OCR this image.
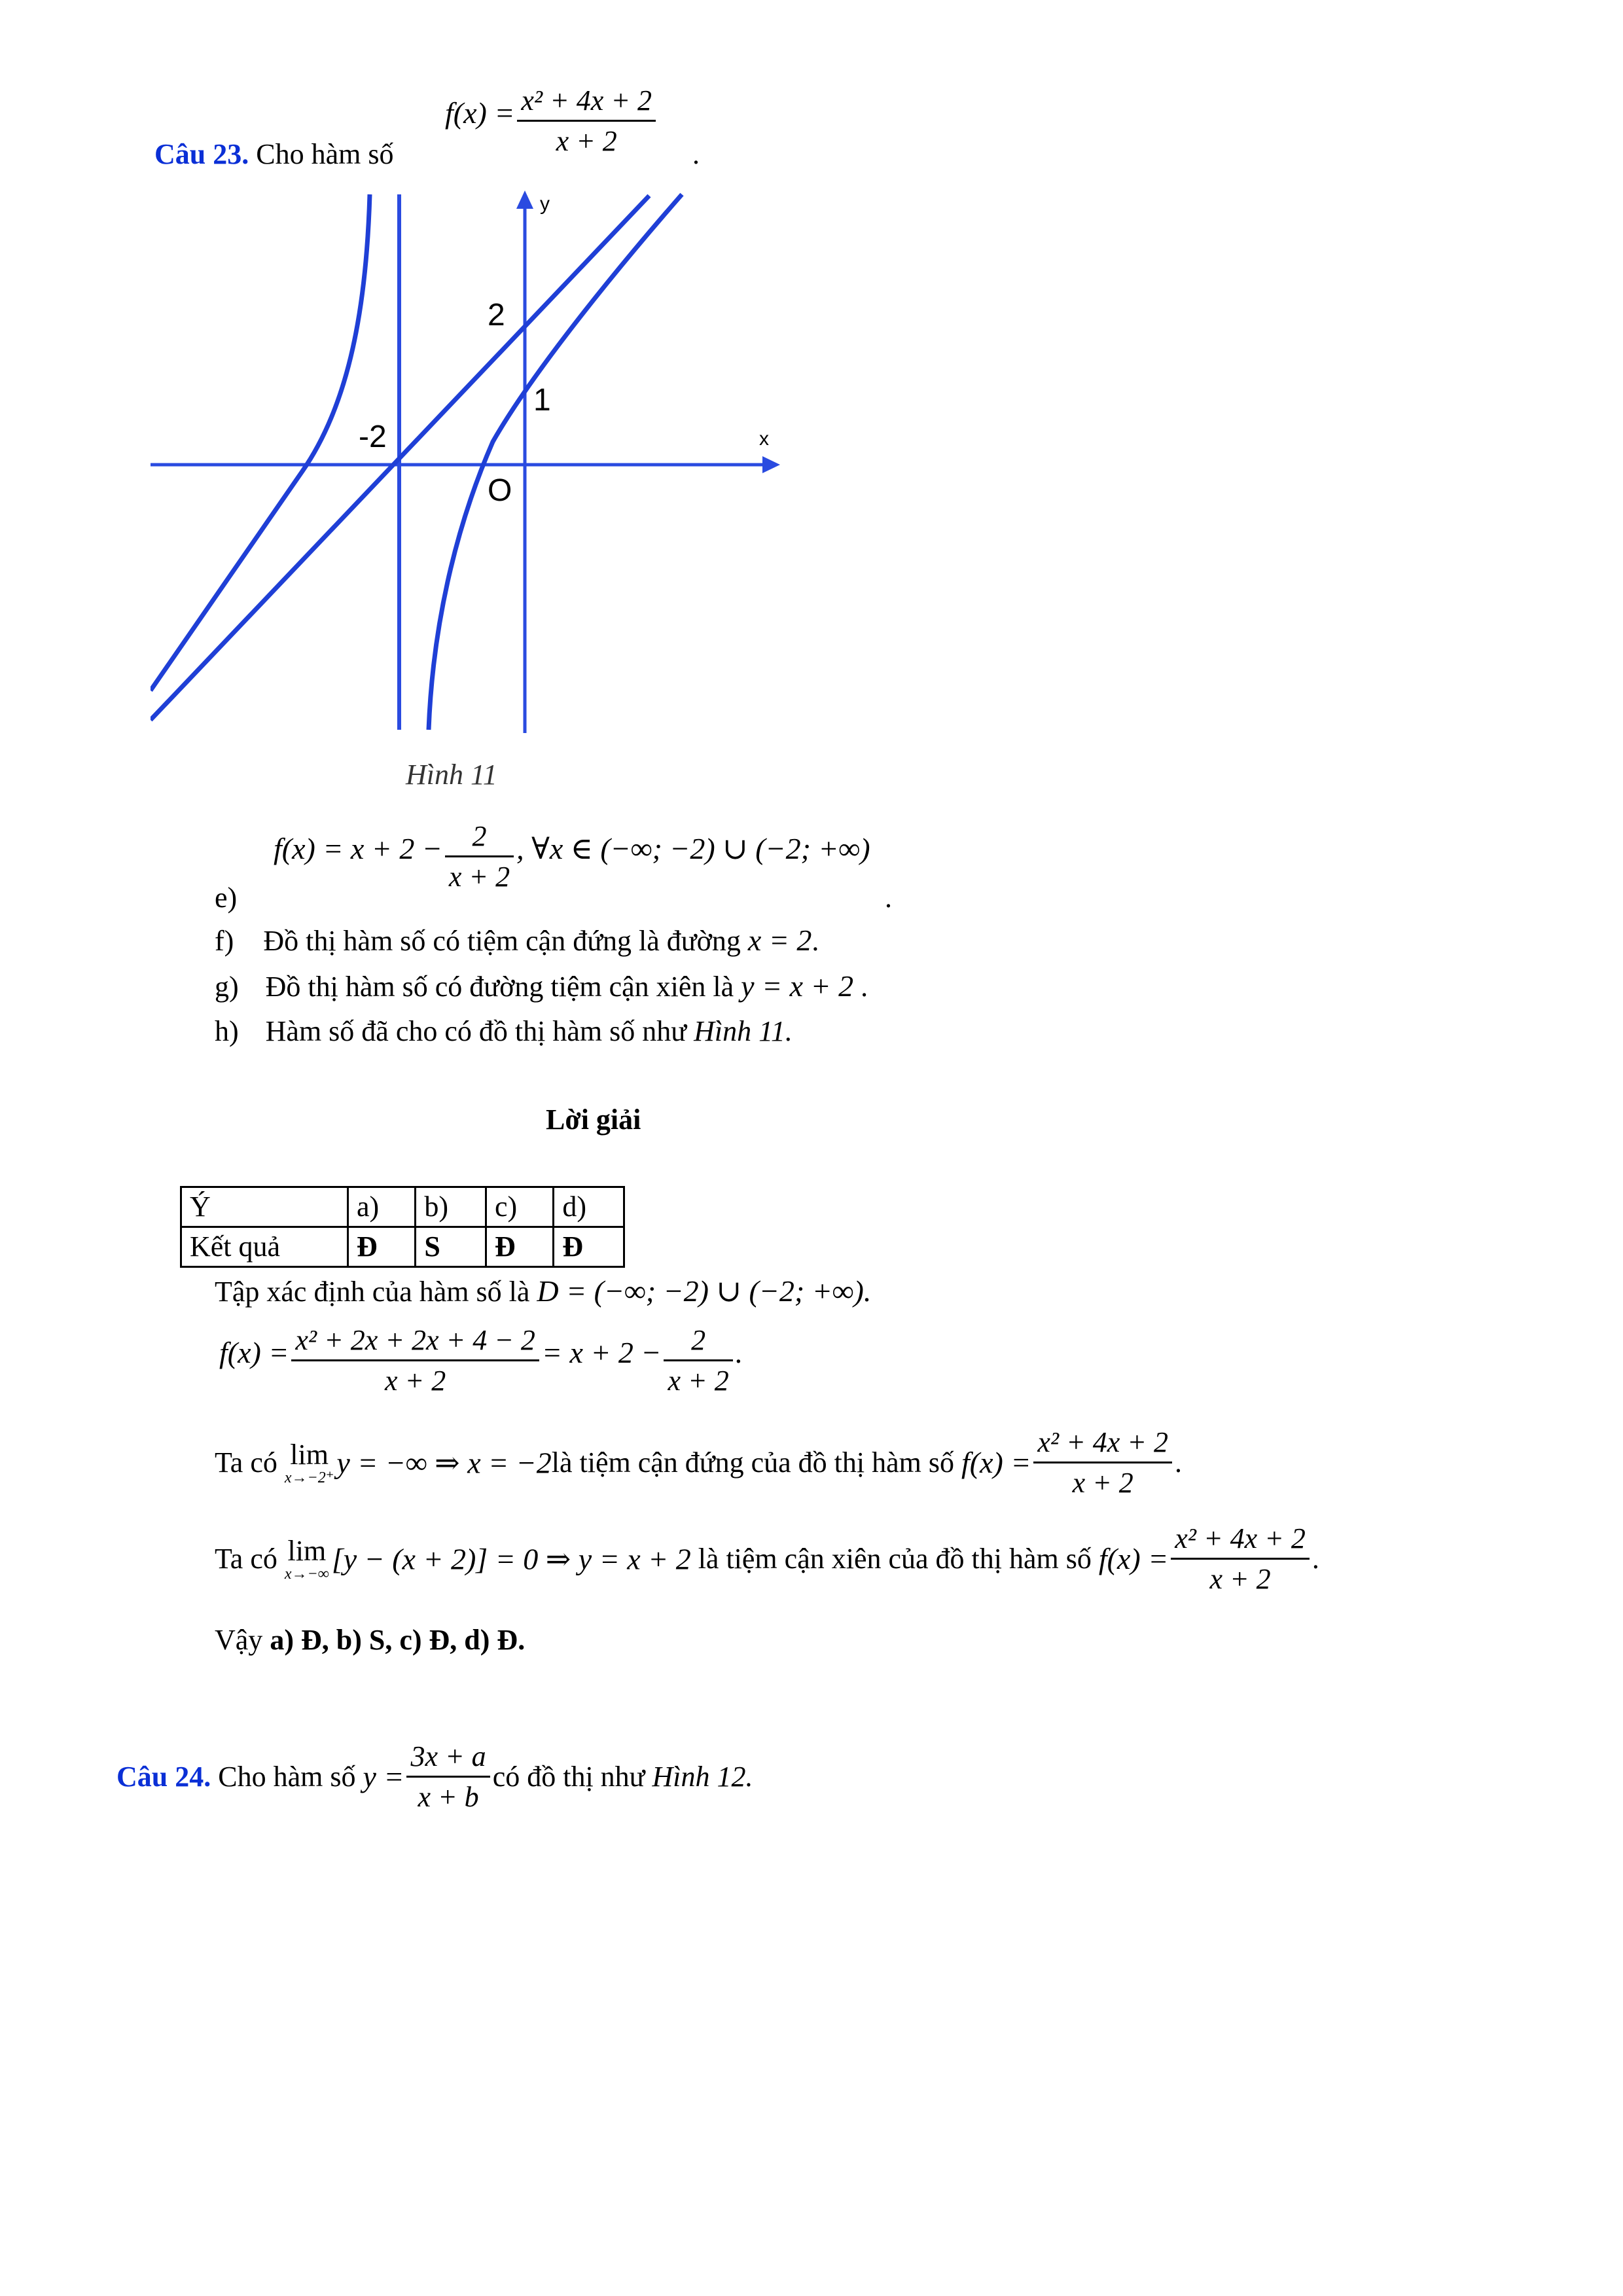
Câu 23. Cho hàm số
$f(x) = \frac{\text{x² + 4x + 2}}{x + 2}$ .
y
x
2
1
-2
O
Hình 11
e)
$f(x) = x + 2 - \frac{2}{x + 2}$ , ∀x ∈ (−∞; −2) ∪ (−2; +∞)
.
f) Đồ thị hàm số có tiệm cận đứng là đường x = 2.
g) Đồ thị hàm số có đường tiệm cận xiên là y = x + 2 .
h) Hàm số đã cho có đồ thị hàm số như Hình 11.
Lời giải
Ý	a)	b)	c)	d)
Kết quả	Đ	S	Đ	Đ
Tập xác định của hàm số là D = (−∞; −2) ∪ (−2; +∞).
$f(x) = \frac{\text{x² + 2x + 2x + 4 − 2}}{x + 2} = x + 2 - \frac{2}{x + 2}$ .
Ta có lim
x→−2⁺ y = −∞ ⇒ x = −2là tiệm cận đứng của đồ thị hàm số $f(x) = \frac{\text{x² + 4x + 2}}{x + 2}$ .
Ta có lim
x→−∞ [y − (x + 2)] = 0 ⇒ y = x + 2 là tiệm cận xiên của đồ thị hàm số $f(x) = \frac{\text{x² + 4x + 2}}{x + 2}$ .
Vậy a) Đ, b) S, c) Đ, d) Đ.
Câu 24. Cho hàm số $y = \frac{3x + a}{x + b}$ có đồ thị như Hình 12.
